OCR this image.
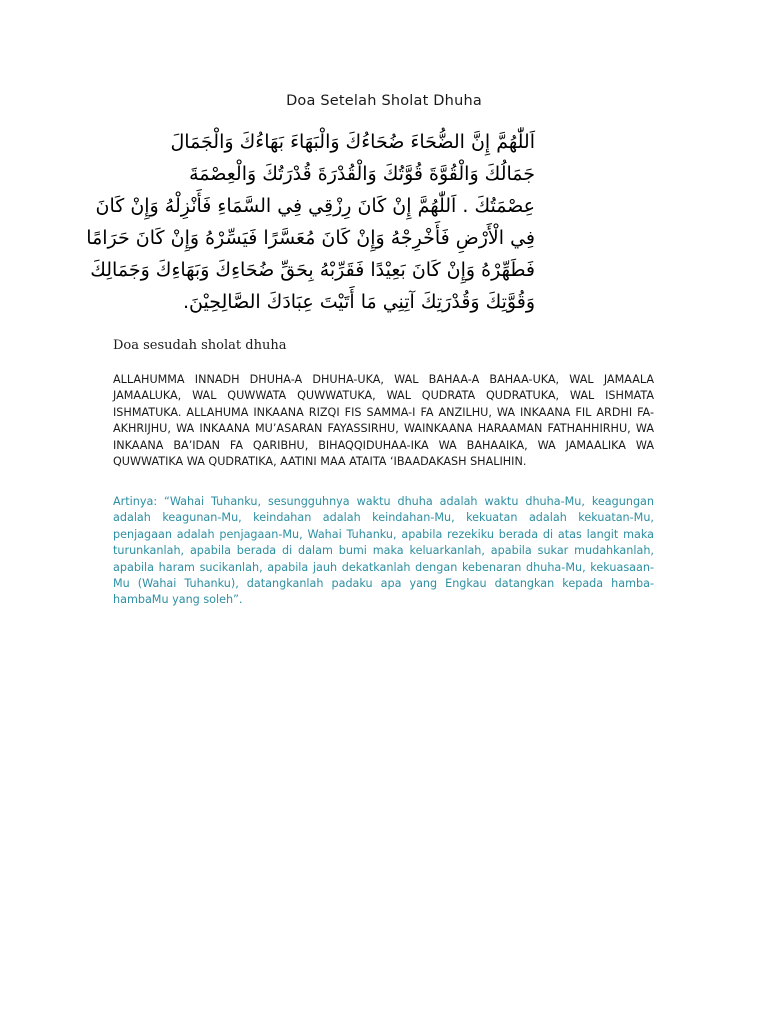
Doa Setelah Sholat Dhuha
اَللّٰهُمَّ إِنَّ الضُّحَاءَ ضُحَاءُكَ وَالْبَهَاءَ بَهَاءُكَ وَالْجَمَالَ
جَمَالُكَ وَالْقُوَّةَ قُوَّتُكَ وَالْقُدْرَةَ قُدْرَتُكَ وَالْعِصْمَةَ
عِصْمَتُكَ . اَللّٰهُمَّ إِنْ كَانَ رِزْقِي فِي السَّمَاءِ فَأَنْزِلْهُ وَإِنْ كَانَ
فِي الْأَرْضِ فَأَخْرِجْهُ وَإِنْ كَانَ مُعَسَّرًا فَيَسِّرْهُ وَإِنْ كَانَ حَرَامًا
فَطَهِّرْهُ وَإِنْ كَانَ بَعِيْدًا فَقَرِّبْهُ بِحَقِّ ضُحَاءِكَ وَبَهَاءِكَ وَجَمَالِكَ
وَقُوَّتِكَ وَقُدْرَتِكَ آتِنِي مَا أَتَيْتَ عِبَادَكَ الصَّالِحِيْنَ.
Doa sesudah sholat dhuha

ALLAHUMMA INNADH DHUHA-A DHUHA-UKA, WAL BAHAA-A BAHAA-UKA, WAL JAMAALA JAMAALUKA, WAL QUWWATA QUWWATUKA, WAL QUDRATA QUDRATUKA, WAL ISHMATA ISHMATUKA. ALLAHUMA INKAANA RIZQI FIS SAMMA-I FA ANZILHU, WA INKAANA FIL ARDHI FA-AKHRIJHU, WA INKAANA MU’ASARAN FAYASSIRHU, WAINKAANA HARAAMAN FATHAHHIRHU, WA INKAANA BA’IDAN FA QARIBHU, BIHAQQIDUHAA-IKA WA BAHAAIKA, WA JAMAALIKA WA QUWWATIKA WA QUDRATIKA, AATINI MAA ATAITA ‘IBAADAKASH SHALIHIN.

Artinya: “Wahai Tuhanku, sesungguhnya waktu dhuha adalah waktu dhuha-Mu, keagungan adalah keagunan-Mu, keindahan adalah keindahan-Mu, kekuatan adalah kekuatan-Mu, penjagaan adalah penjagaan-Mu, Wahai Tuhanku, apabila rezekiku berada di atas langit maka turunkanlah, apabila berada di dalam bumi maka keluarkanlah, apabila sukar mudahkanlah, apabila haram sucikanlah, apabila jauh dekatkanlah dengan kebenaran dhuha-Mu, kekuasaan-Mu (Wahai Tuhanku), datangkanlah padaku apa yang Engkau datangkan kepada hamba-hambaMu yang soleh”.
